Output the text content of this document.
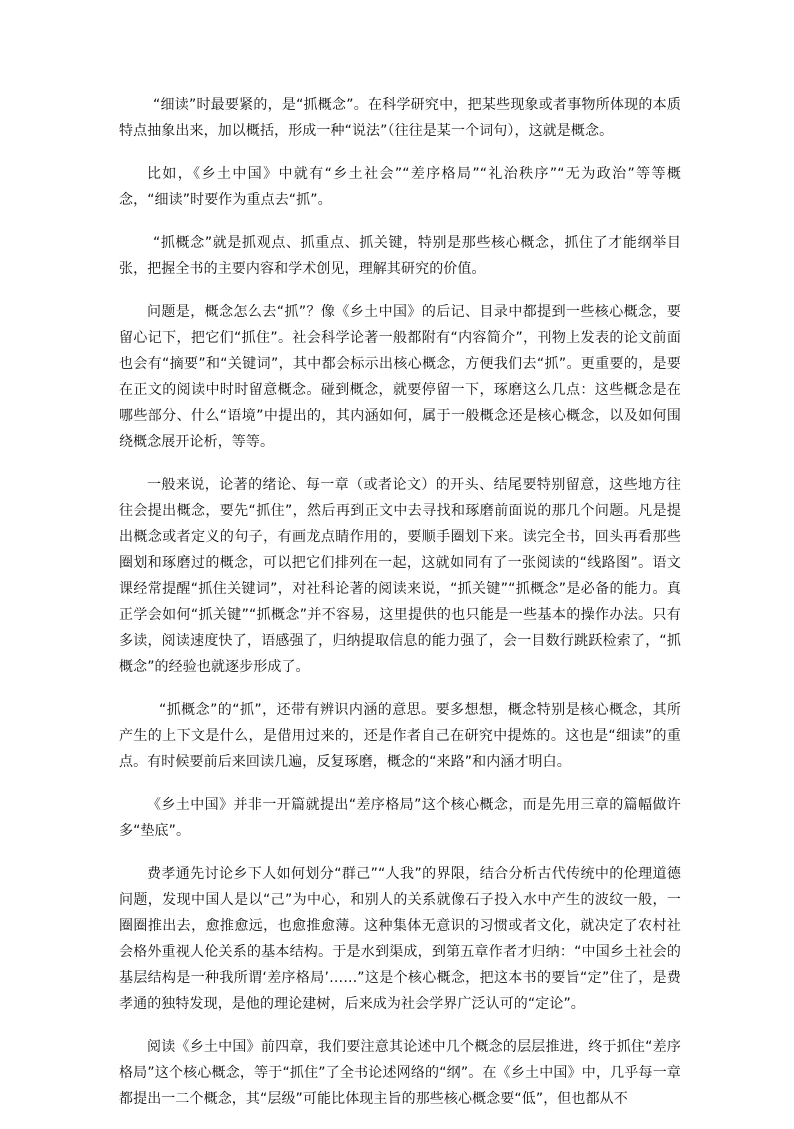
“细读”时最要紧的，是“抓概念”。在科学研究中，把某些现象或者事物所体现的本质特点抽象出来，加以概括，形成一种“说法”（往往是某一个词句），这就是概念。

比如，《乡土中国》中就有“乡土社会”“差序格局”“礼治秩序”“无为政治”等等概念，“细读”时要作为重点去“抓”。

“抓概念”就是抓观点、抓重点、抓关键，特别是那些核心概念，抓住了才能纲举目张，把握全书的主要内容和学术创见，理解其研究的价值。

问题是，概念怎么去“抓”？像《乡土中国》的后记、目录中都提到一些核心概念，要留心记下，把它们“抓住”。社会科学论著一般都附有“内容简介”，刊物上发表的论文前面也会有“摘要”和“关键词”，其中都会标示出核心概念，方便我们去“抓”。更重要的，是要在正文的阅读中时时留意概念。碰到概念，就要停留一下，琢磨这么几点：这些概念是在哪些部分、什么“语境”中提出的，其内涵如何，属于一般概念还是核心概念，以及如何围绕概念展开论析，等等。

一般来说，论著的绪论、每一章（或者论文）的开头、结尾要特别留意，这些地方往往会提出概念，要先“抓住”，然后再到正文中去寻找和琢磨前面说的那几个问题。凡是提出概念或者定义的句子，有画龙点睛作用的，要顺手圈划下来。读完全书，回头再看那些圈划和琢磨过的概念，可以把它们排列在一起，这就如同有了一张阅读的“线路图”。语文课经常提醒“抓住关键词”，对社科论著的阅读来说，“抓关键”“抓概念”是必备的能力。真正学会如何“抓关键”“抓概念”并不容易，这里提供的也只能是一些基本的操作办法。只有多读，阅读速度快了，语感强了，归纳提取信息的能力强了，会一目数行跳跃检索了，“抓概念”的经验也就逐步形成了。

“抓概念”的“抓”，还带有辨识内涵的意思。要多想想，概念特别是核心概念，其所产生的上下文是什么，是借用过来的，还是作者自己在研究中提炼的。这也是“细读”的重点。有时候要前后来回读几遍，反复琢磨，概念的“来路”和内涵才明白。

《乡土中国》并非一开篇就提出“差序格局”这个核心概念，而是先用三章的篇幅做许多“垫底”。

费孝通先讨论乡下人如何划分“群己”“人我”的界限，结合分析古代传统中的伦理道德问题，发现中国人是以“己”为中心，和别人的关系就像石子投入水中产生的波纹一般，一圈圈推出去，愈推愈远，也愈推愈薄。这种集体无意识的习惯或者文化，就决定了农村社会格外重视人伦关系的基本结构。于是水到渠成，到第五章作者才归纳：“中国乡土社会的基层结构是一种我所谓‘差序格局’……”这是个核心概念，把这本书的要旨“定”住了，是费孝通的独特发现，是他的理论建树，后来成为社会学界广泛认可的“定论”。

阅读《乡土中国》前四章，我们要注意其论述中几个概念的层层推进，终于抓住“差序格局”这个核心概念，等于“抓住”了全书论述网络的“纲”。在《乡土中国》中，几乎每一章都提出一二个概念，其“层级”可能比体现主旨的那些核心概念要“低”，但也都从不
